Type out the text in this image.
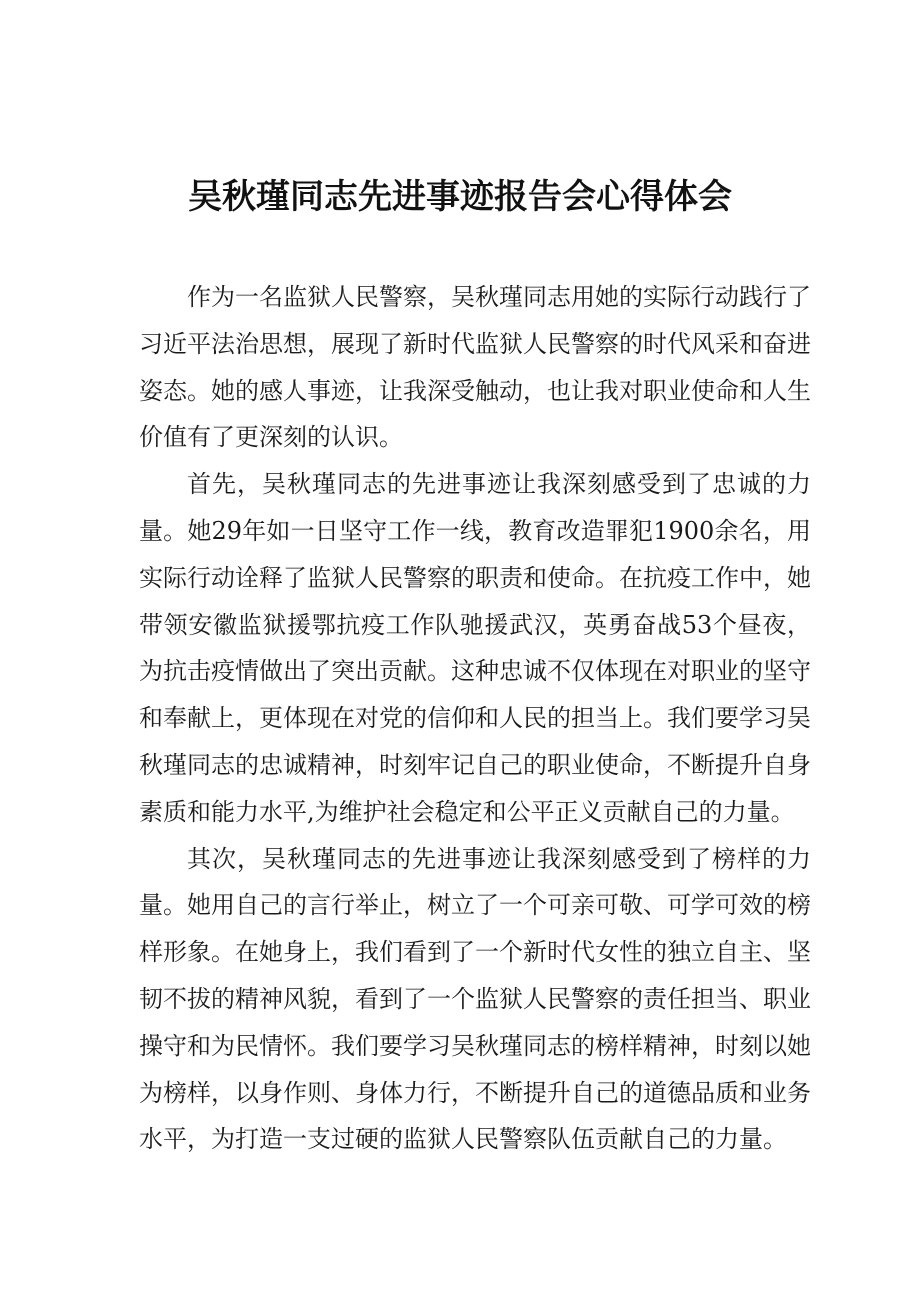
吴秋瑾同志先进事迹报告会心得体会

作为一名监狱人民警察，吴秋瑾同志用她的实际行动践行了习近平法治思想，展现了新时代监狱人民警察的时代风采和奋进姿态。她的感人事迹，让我深受触动，也让我对职业使命和人生价值有了更深刻的认识。

首先，吴秋瑾同志的先进事迹让我深刻感受到了忠诚的力量。她29年如一日坚守工作一线，教育改造罪犯1900余名，用实际行动诠释了监狱人民警察的职责和使命。在抗疫工作中，她带领安徽监狱援鄂抗疫工作队驰援武汉，英勇奋战53个昼夜，为抗击疫情做出了突出贡献。这种忠诚不仅体现在对职业的坚守和奉献上，更体现在对党的信仰和人民的担当上。我们要学习吴秋瑾同志的忠诚精神，时刻牢记自己的职业使命，不断提升自身素质和能力水平,为维护社会稳定和公平正义贡献自己的力量。

其次，吴秋瑾同志的先进事迹让我深刻感受到了榜样的力量。她用自己的言行举止，树立了一个可亲可敬、可学可效的榜样形象。在她身上，我们看到了一个新时代女性的独立自主、坚韧不拔的精神风貌，看到了一个监狱人民警察的责任担当、职业操守和为民情怀。我们要学习吴秋瑾同志的榜样精神，时刻以她为榜样，以身作则、身体力行，不断提升自己的道德品质和业务水平，为打造一支过硬的监狱人民警察队伍贡献自己的力量。
